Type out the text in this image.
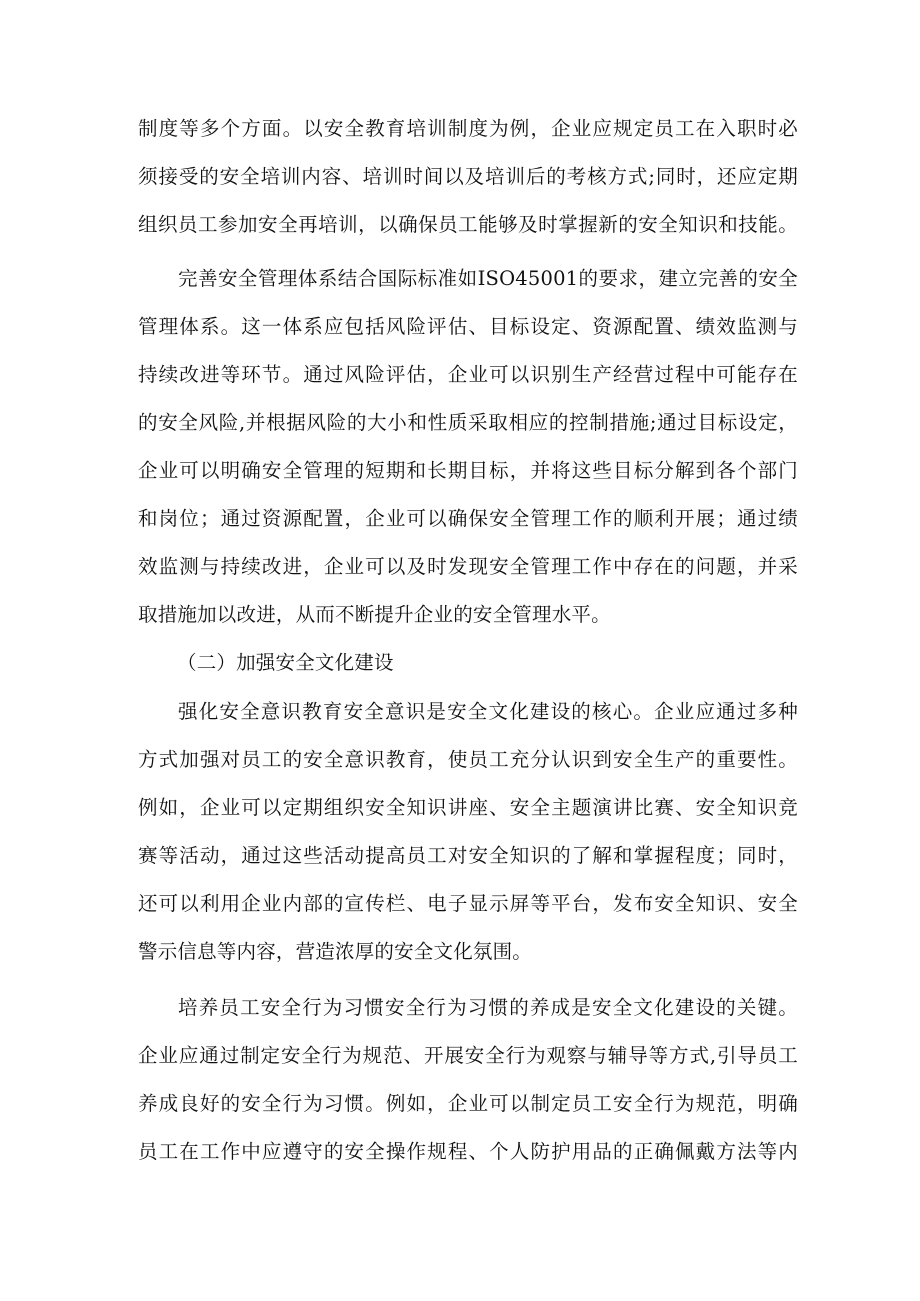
制度等多个方面。以安全教育培训制度为例，企业应规定员工在入职时必
须接受的安全培训内容、培训时间以及培训后的考核方式;同时，还应定期
组织员工参加安全再培训，以确保员工能够及时掌握新的安全知识和技能。
完善安全管理体系结合国际标准如ISO45001的要求，建立完善的安全
管理体系。这一体系应包括风险评估、目标设定、资源配置、绩效监测与
持续改进等环节。通过风险评估，企业可以识别生产经营过程中可能存在
的安全风险,并根据风险的大小和性质采取相应的控制措施;通过目标设定，
企业可以明确安全管理的短期和长期目标，并将这些目标分解到各个部门
和岗位；通过资源配置，企业可以确保安全管理工作的顺利开展；通过绩
效监测与持续改进，企业可以及时发现安全管理工作中存在的问题，并采
取措施加以改进，从而不断提升企业的安全管理水平。
（二）加强安全文化建设
强化安全意识教育安全意识是安全文化建设的核心。企业应通过多种
方式加强对员工的安全意识教育，使员工充分认识到安全生产的重要性。
例如，企业可以定期组织安全知识讲座、安全主题演讲比赛、安全知识竞
赛等活动，通过这些活动提高员工对安全知识的了解和掌握程度；同时，
还可以利用企业内部的宣传栏、电子显示屏等平台，发布安全知识、安全
警示信息等内容，营造浓厚的安全文化氛围。
培养员工安全行为习惯安全行为习惯的养成是安全文化建设的关键。
企业应通过制定安全行为规范、开展安全行为观察与辅导等方式,引导员工
养成良好的安全行为习惯。例如，企业可以制定员工安全行为规范，明确
员工在工作中应遵守的安全操作规程、个人防护用品的正确佩戴方法等内
